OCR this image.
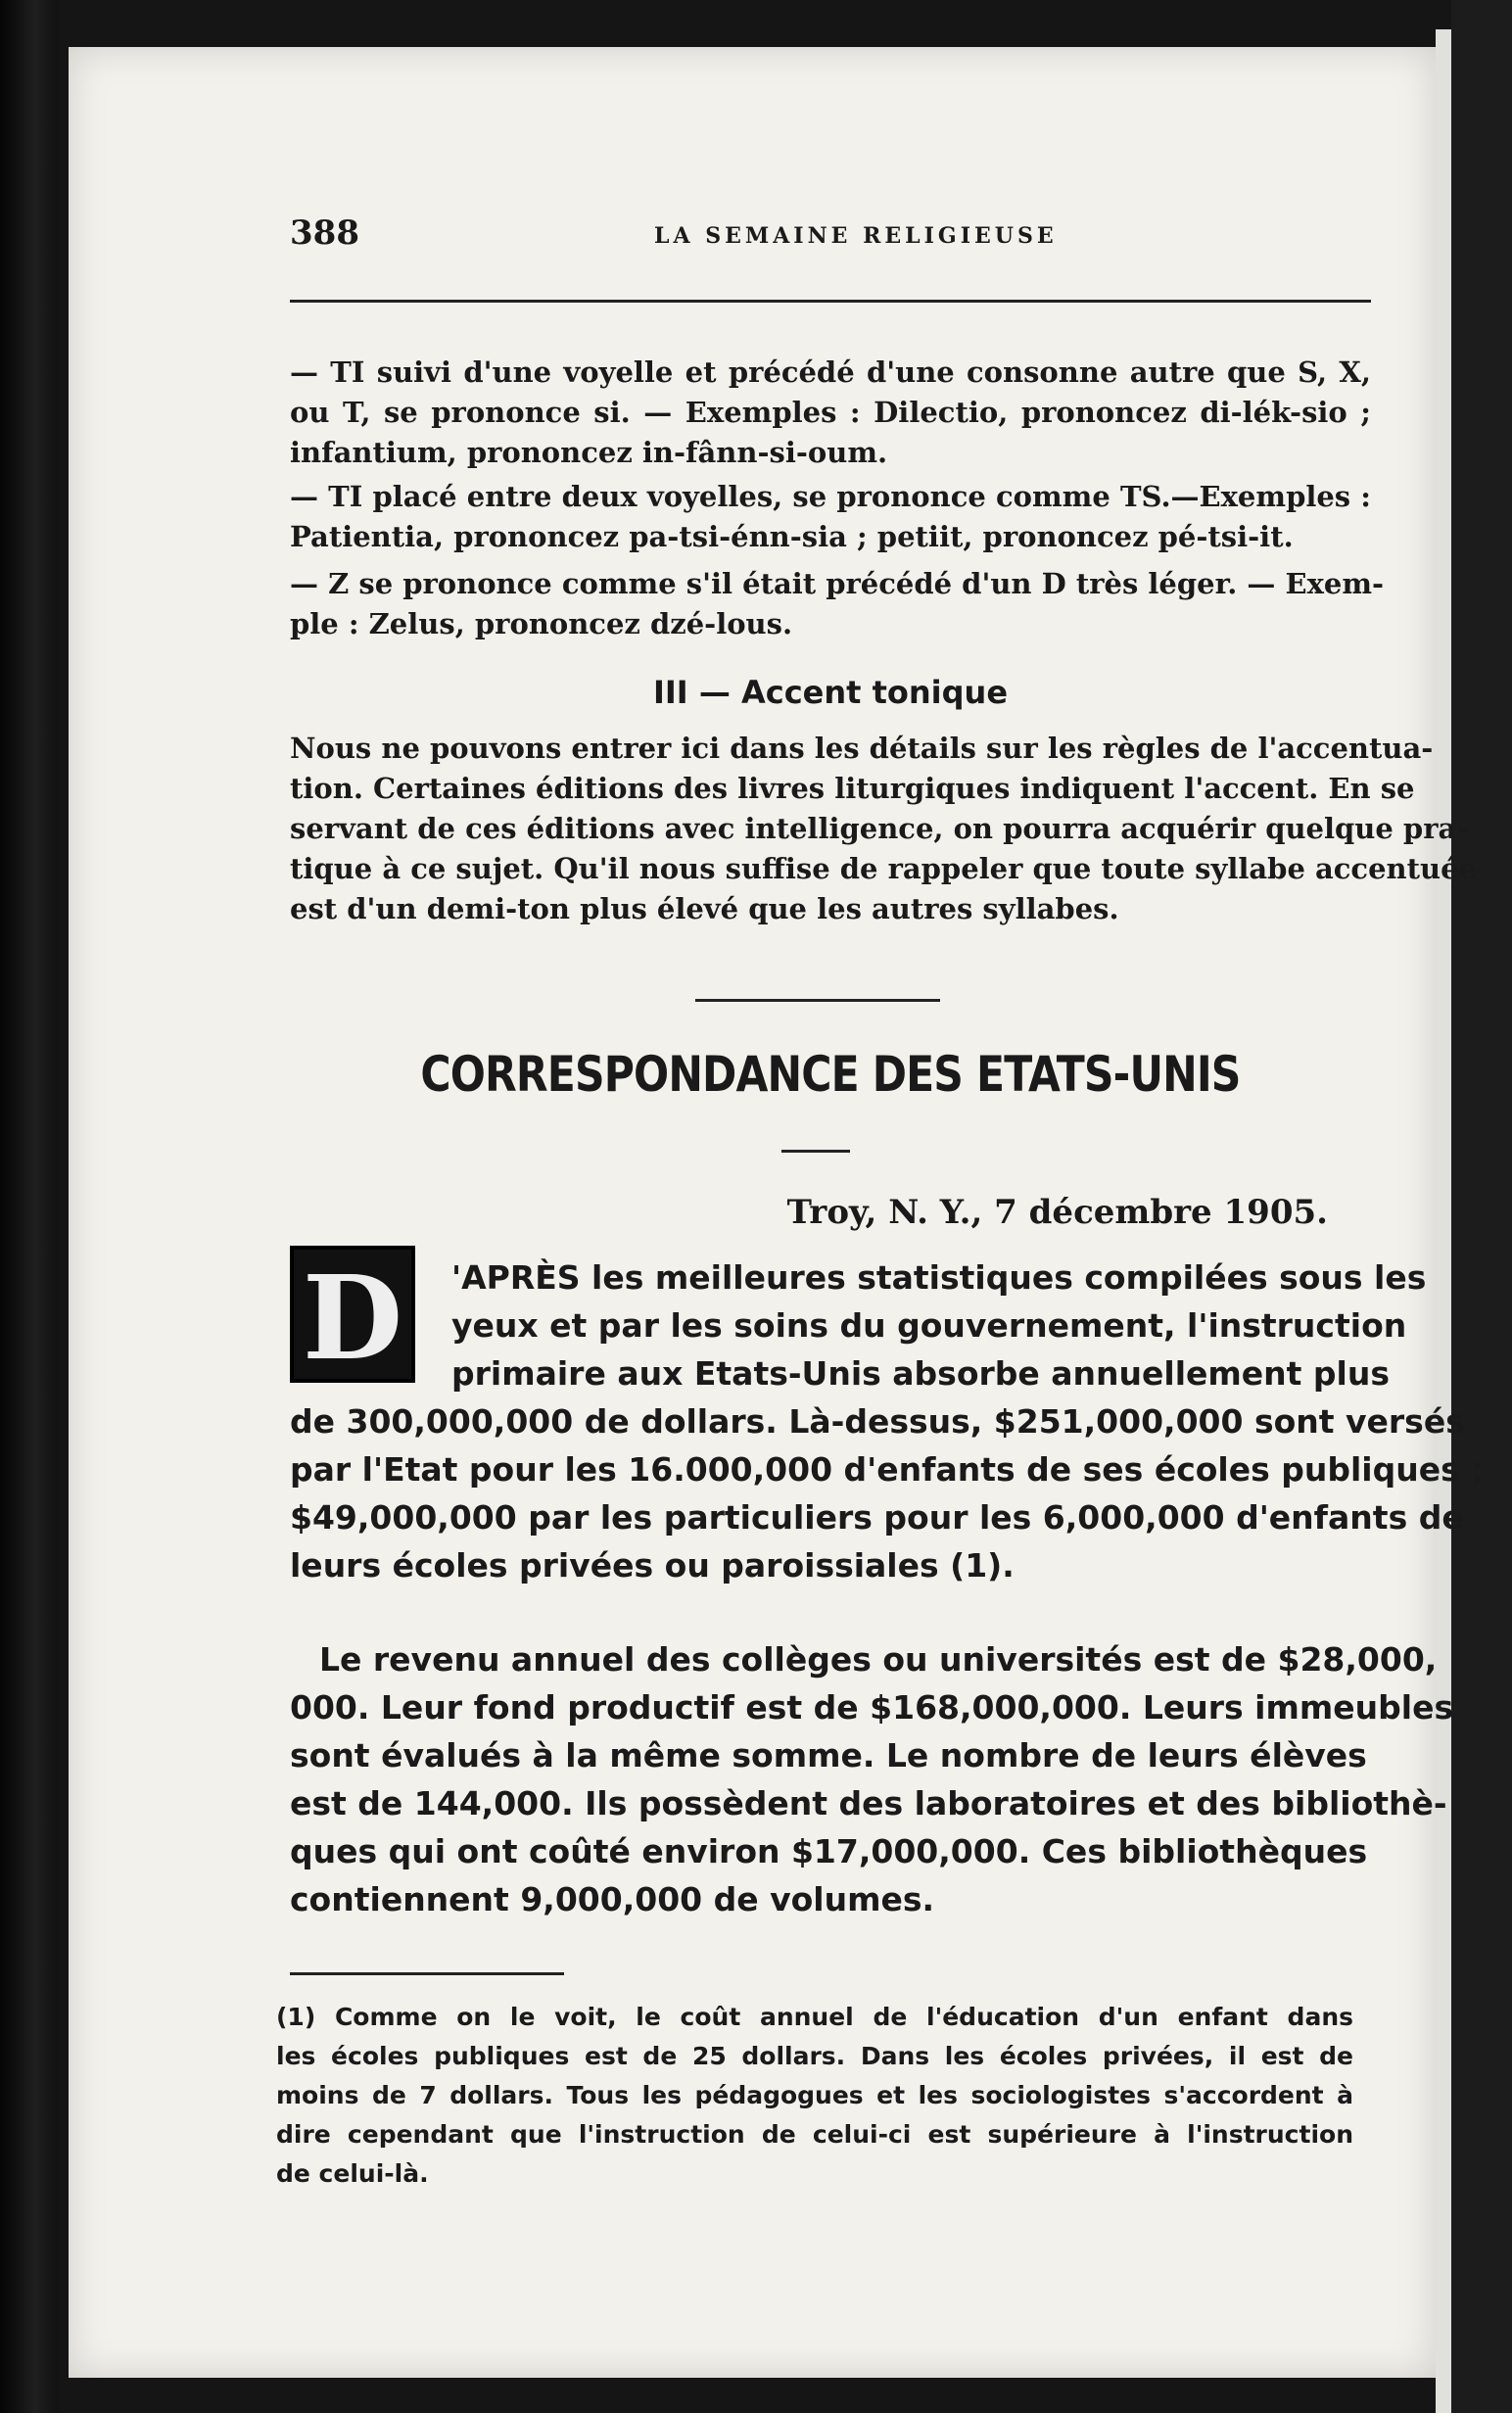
388	LA SEMAINE RELIGIEUSE

— TI suivi d'une voyelle et précédé d'une consonne autre que S, X,
ou T, se prononce si. — Exemples : Dilectio, prononcez di-lék-sio ;
infantium, prononcez in-fânn-si-oum.
— TI placé entre deux voyelles, se prononce comme TS.—Exemples :
Patientia, prononcez pa-tsi-énn-sia ; petiit, prononcez pé-tsi-it.
— Z se prononce comme s'il était précédé d'un D très léger. — Exem-
ple : Zelus, prononcez dzé-lous.

III — Accent tonique

Nous ne pouvons entrer ici dans les détails sur les règles de l'accentua-
tion. Certaines éditions des livres liturgiques indiquent l'accent. En se
servant de ces éditions avec intelligence, on pourra acquérir quelque pra-
tique à ce sujet. Qu'il nous suffise de rappeler que toute syllabe accentuée
est d'un demi-ton plus élevé que les autres syllabes.

CORRESPONDANCE DES ETATS-UNIS

Troy, N. Y., 7 décembre 1905.

D	'APRÈS les meilleures statistiques compilées sous les
yeux et par les soins du gouvernement, l'instruction
primaire aux Etats-Unis absorbe annuellement plus
de 300,000,000 de dollars. Là-dessus, $251,000,000 sont versés
par l'Etat pour les 16.000,000 d'enfants de ses écoles publiques ;
$49,000,000 par les particuliers pour les 6,000,000 d'enfants de
leurs écoles privées ou paroissiales (1).
Le revenu annuel des collèges ou universités est de $28,000,
000. Leur fond productif est de $168,000,000. Leurs immeubles
sont évalués à la même somme. Le nombre de leurs élèves
est de 144,000. Ils possèdent des laboratoires et des bibliothè-
ques qui ont coûté environ $17,000,000. Ces bibliothèques
contiennent 9,000,000 de volumes.
(1) Comme on le voit, le coût annuel de l'éducation d'un enfant dans
les écoles publiques est de 25 dollars. Dans les écoles privées, il est de
moins de 7 dollars. Tous les pédagogues et les sociologistes s'accordent à
dire cependant que l'instruction de celui-ci est supérieure à l'instruction
de celui-là.
